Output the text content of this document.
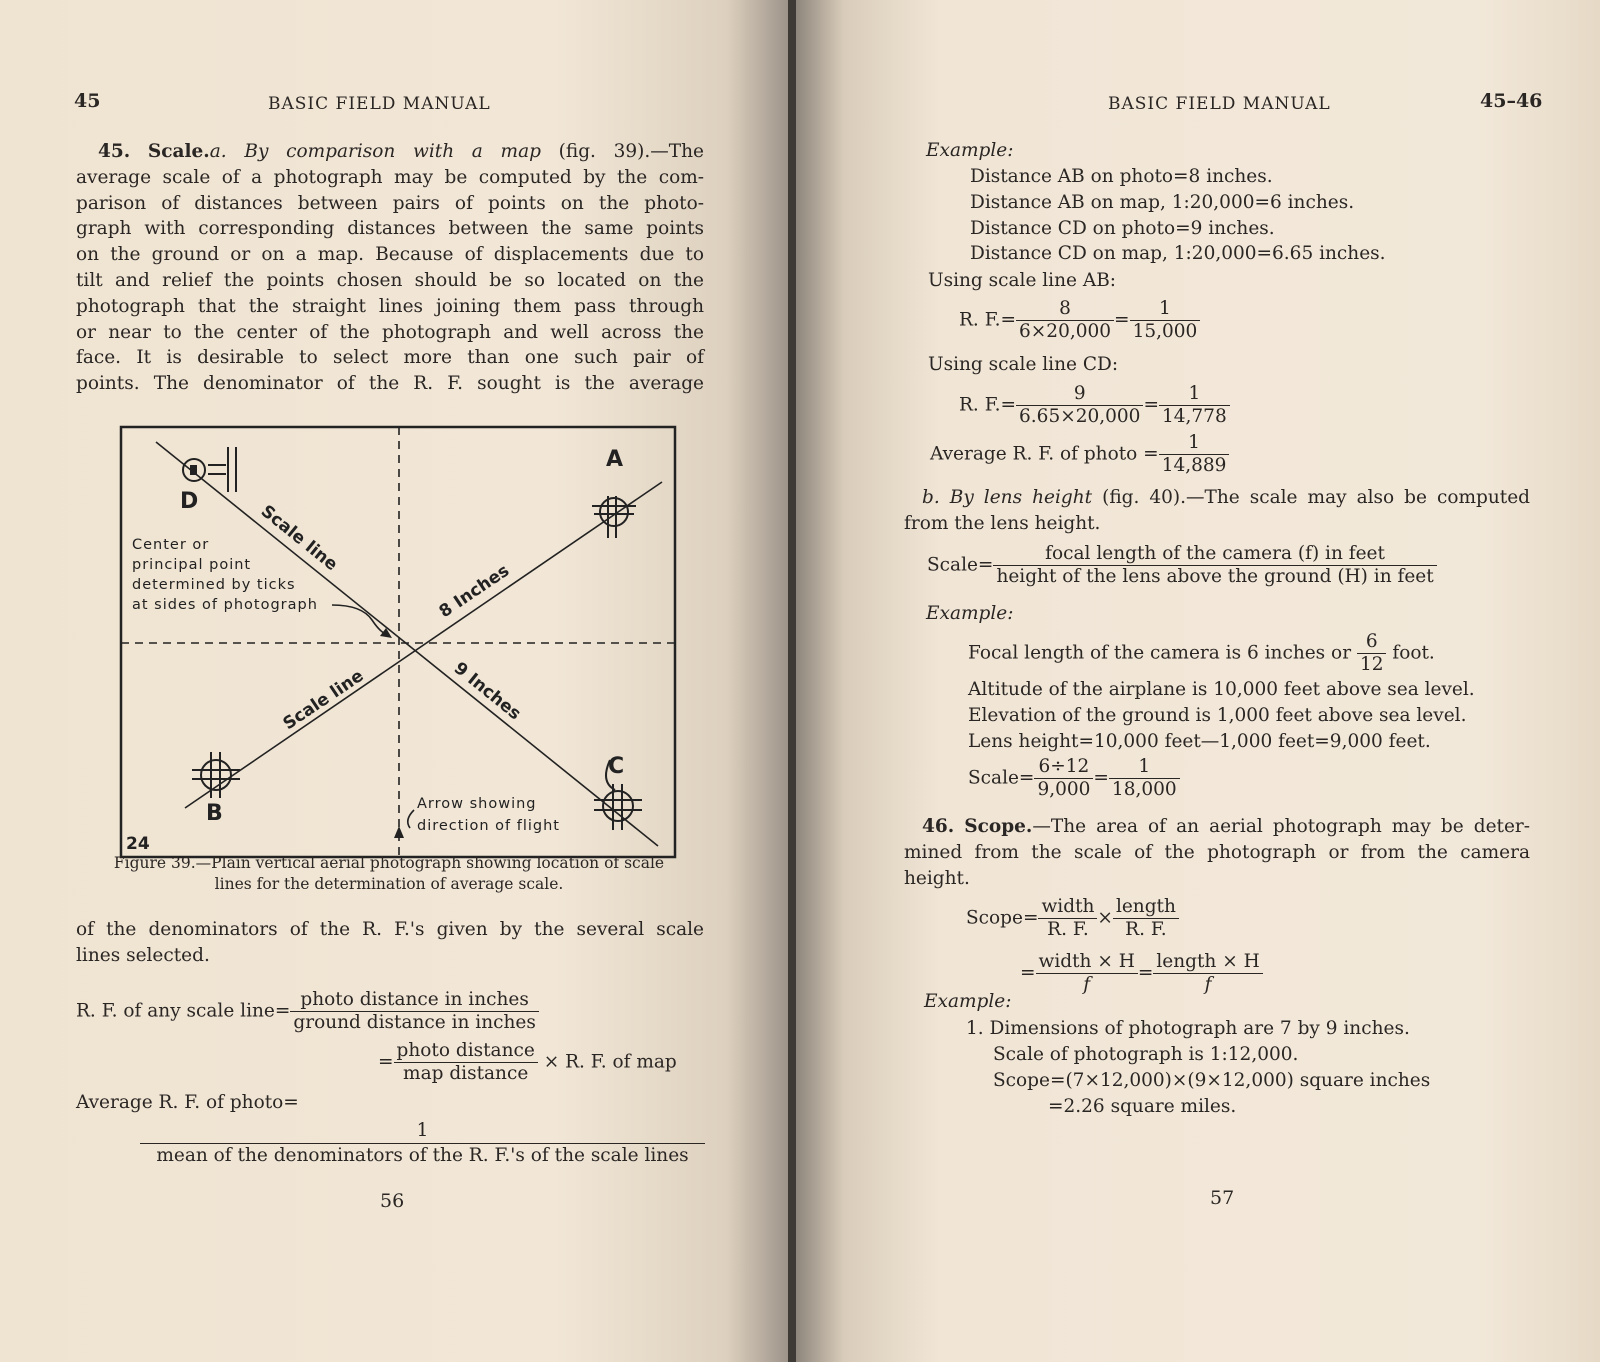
45	BASIC FIELD MANUAL
45. Scale.a. By comparison with a map (fig. 39).—The
average scale of a photograph may be computed by the com-
parison of distances between pairs of points on the photo-
graph with corresponding distances between the same points
on the ground or on a map. Because of displacements due to
tilt and relief the points chosen should be so located on the
photograph that the straight lines joining them pass through
or near to the center of the photograph and well across the
face. It is desirable to select more than one such pair of
points. The denominator of the R. F. sought is the average
A
D
B
C
Scale line
Scale line
8 Inches
9 Inches
Center or
principal point
determined by ticks
at sides of photograph
Arrow showing
direction of flight
24
Figure 39.—Plain vertical aerial photograph showing location of scale
lines for the determination of average scale.
of the denominators of the R. F.'s given by the several scale
lines selected.
R. F. of any scale line= $\frac{\text{photo distance in inches}}{\text{ground distance in inches}}$
= $\frac{\text{photo distance}}{\text{map distance}} \times R$. F. of map
Average R. F. of photo=
1
mean of the denominators of the R. F.'s of the scale lines
56
BASIC FIELD MANUAL	45–46
Example:
Distance AB on photo=8 inches.
Distance AB on map, 1:20,000=6 inches.
Distance CD on photo=9 inches.
Distance CD on map, 1:20,000=6.65 inches.
Using scale line AB:
R. $F.= \frac{8}{6\times 20,000} = \frac{1}{15,000}$
Using scale line CD:
R. $F.= \frac{9}{6.65\times 20,000} = \frac{1}{14,778}$
Average R. F. of photo = $\frac{1}{14,889}$
b. By lens height (fig. 40).—The scale may also be computed
from the lens height.
Scale= $\frac{\text{focal length of the camera (f) in feet}}{\text{height of the lens above the ground (H) in feet}}$
Example:
Focal length of the camera is 6 inches or $\frac{6}{12}$ foot.
Altitude of the airplane is 10,000 feet above sea level.
Elevation of the ground is 1,000 feet above sea level.
Lens height=10,000 feet—1,000 feet=9,000 feet.
Scale= $\frac{6\div 12}{9,000} = \frac{1}{18,000}$
46. Scope.—The area of an aerial photograph may be deter-
mined from the scale of the photograph or from the camera
height.
Scope= $\frac{\text{width}}{R. F.} \times \frac{\text{length}}{R. F.}$
= $\frac{\text{width × H}}{f} = \frac{\text{length × H}}{f}$
Example:
1. Dimensions of photograph are 7 by 9 inches.
Scale of photograph is 1:12,000.
Scope=(7×12,000)×(9×12,000) square inches
=2.26 square miles.
57
